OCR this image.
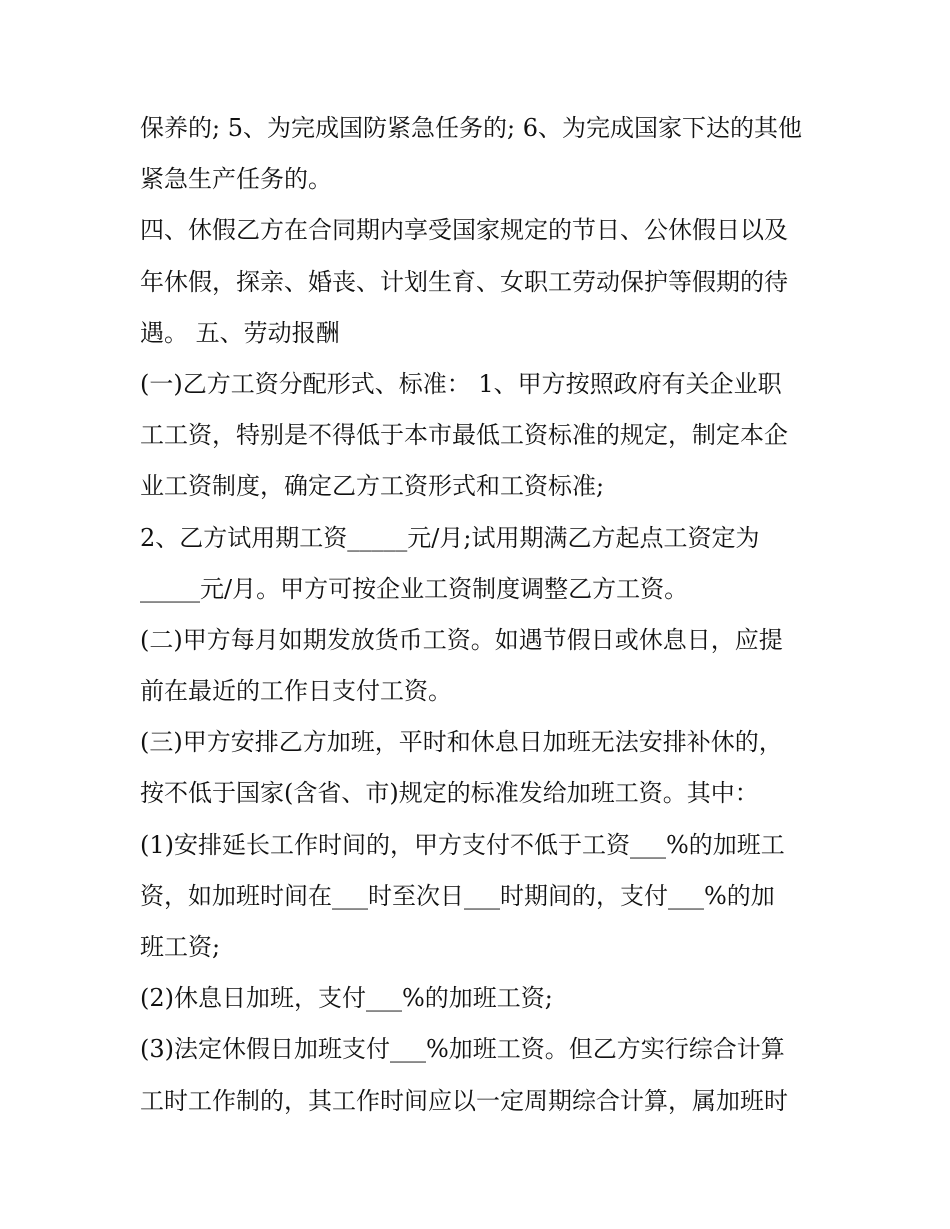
保养的; 5、为完成国防紧急任务的; 6、为完成国家下达的其他
紧急生产任务的。
四、休假乙方在合同期内享受国家规定的节日、公休假日以及
年休假，探亲、婚丧、计划生育、女职工劳动保护等假期的待
遇。 五、劳动报酬
(一)乙方工资分配形式、标准： 1、甲方按照政府有关企业职
工工资，特别是不得低于本市最低工资标准的规定，制定本企
业工资制度，确定乙方工资形式和工资标准;
2、乙方试用期工资_____元/月;试用期满乙方起点工资定为
_____元/月。甲方可按企业工资制度调整乙方工资。
(二)甲方每月如期发放货币工资。如遇节假日或休息日，应提
前在最近的工作日支付工资。
(三)甲方安排乙方加班，平时和休息日加班无法安排补休的，
按不低于国家(含省、市)规定的标准发给加班工资。其中：
(1)安排延长工作时间的，甲方支付不低于工资___%的加班工
资，如加班时间在___时至次日___时期间的，支付___%的加
班工资;
(2)休息日加班，支付___%的加班工资;
(3)法定休假日加班支付___%加班工资。但乙方实行综合计算
工时工作制的，其工作时间应以一定周期综合计算，属加班时
